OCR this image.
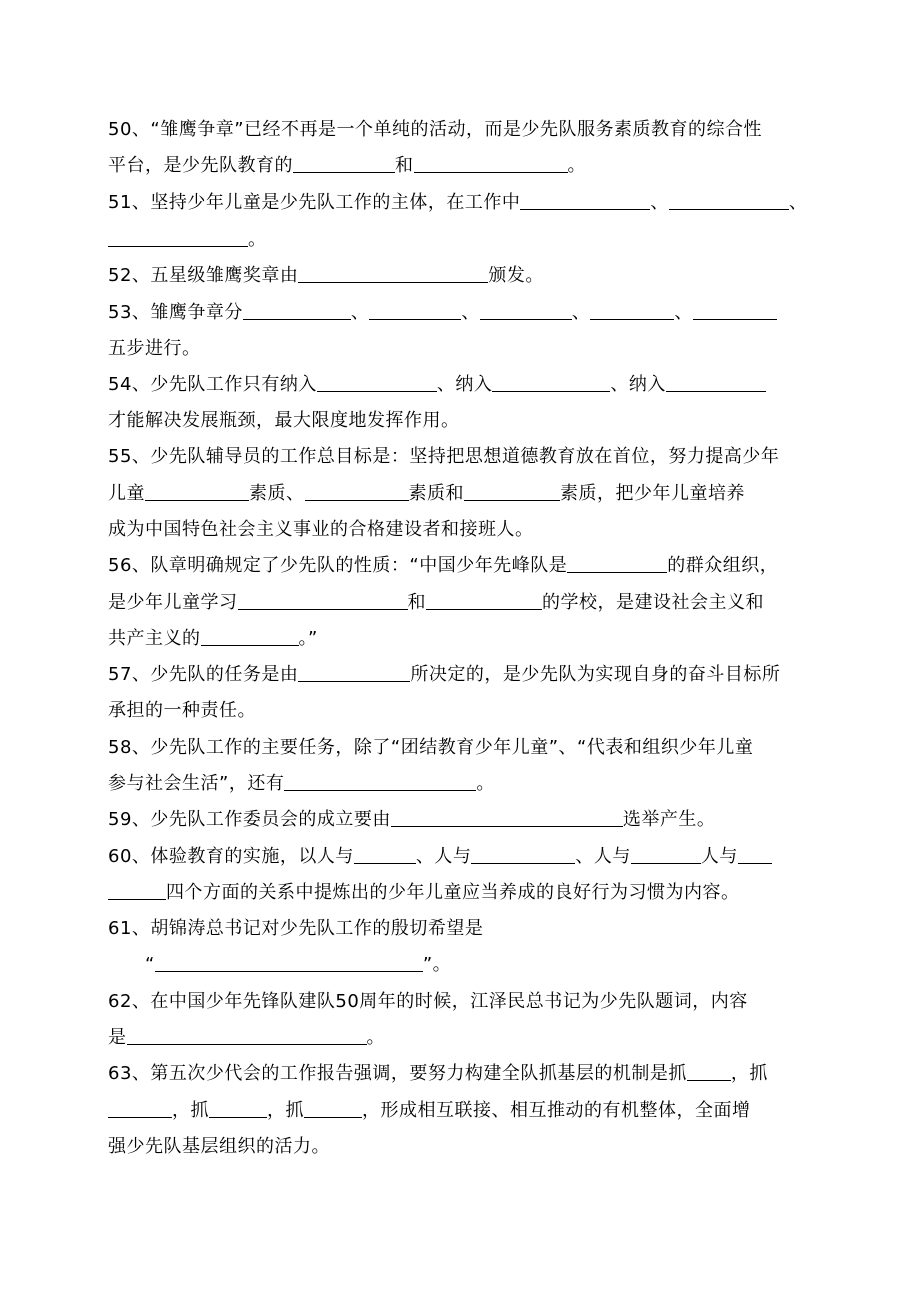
50、“雏鹰争章”已经不再是一个单纯的活动，而是少先队服务素质教育的综合性
平台，是少先队教育的	和	。
51、坚持少年儿童是少先队工作的主体，在工作中	、	、
。
52、五星级雏鹰奖章由	颁发。
53、雏鹰争章分	、	、	、	、
五步进行。
54、少先队工作只有纳入	、纳入	、纳入
才能解决发展瓶颈，最大限度地发挥作用。
55、少先队辅导员的工作总目标是：坚持把思想道德教育放在首位，努力提高少年
儿童	素质、	素质和	素质，把少年儿童培养
成为中国特色社会主义事业的合格建设者和接班人。
56、队章明确规定了少先队的性质：“中国少年先峰队是	的群众组织，
是少年儿童学习	和	的学校，是建设社会主义和
共产主义的	。”
57、少先队的任务是由	所决定的，是少先队为实现自身的奋斗目标所
承担的一种责任。
58、少先队工作的主要任务，除了“团结教育少年儿童”、“代表和组织少年儿童
参与社会生活”，还有	。
59、少先队工作委员会的成立要由	选举产生。
60、体验教育的实施，以人与	、人与	、人与	人与
四个方面的关系中提炼出的少年儿童应当养成的良好行为习惯为内容。
61、胡锦涛总书记对少先队工作的殷切希望是
“	”。
62、在中国少年先锋队建队50周年的时候，江泽民总书记为少先队题词，内容
是	。
63、第五次少代会的工作报告强调，要努力构建全队抓基层的机制是抓 ，抓
，抓	，抓	，形成相互联接、相互推动的有机整体，全面增
强少先队基层组织的活力。
